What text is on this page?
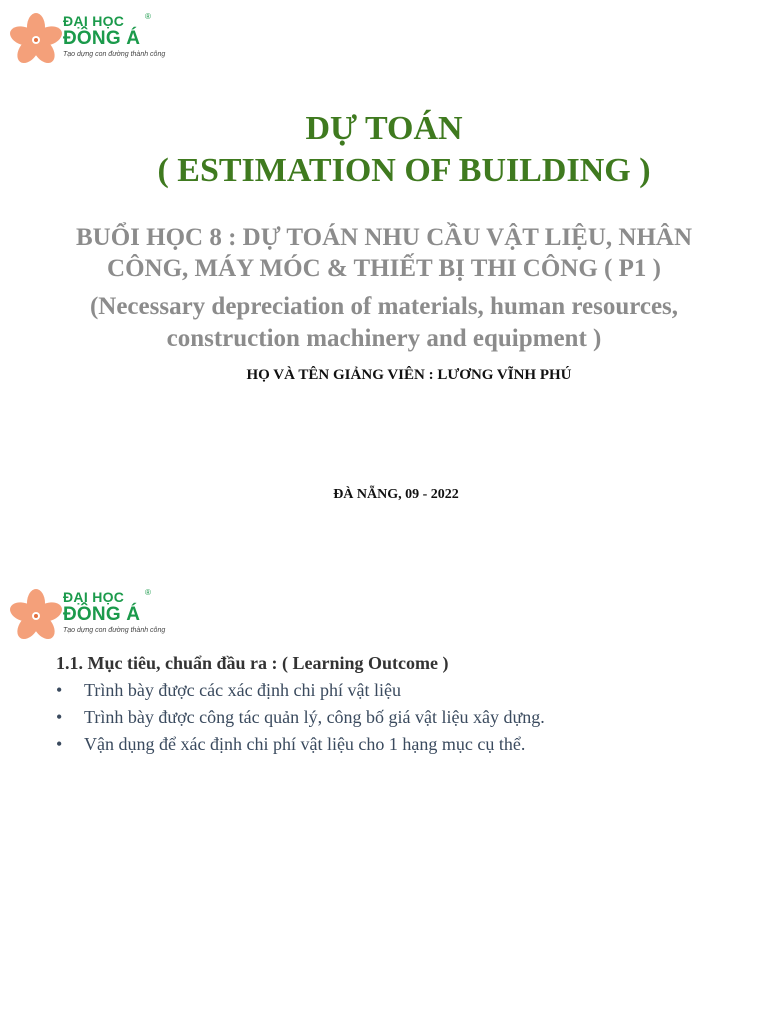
ĐẠI HỌC	®
ĐÔNG Á
Tạo dựng con đường thành công
DỰ TOÁN
( ESTIMATION OF BUILDING )
BUỔI HỌC 8 : DỰ TOÁN NHU CẦU VẬT LIỆU, NHÂN CÔNG, MÁY MÓC & THIẾT BỊ THI CÔNG ( P1 )
(Necessary depreciation of materials, human resources, construction machinery and equipment )
HỌ VÀ TÊN GIẢNG VIÊN : LƯƠNG VĨNH PHÚ
ĐÀ NẴNG, 09 - 2022
ĐẠI HỌC	®
ĐÔNG Á
Tạo dựng con đường thành công
1.1. Mục tiêu, chuẩn đầu ra : ( Learning Outcome )
• Trình bày được các xác định chi phí vật liệu
• Trình bày được công tác quản lý, công bố giá vật liệu xây dựng.
• Vận dụng để xác định chi phí vật liệu cho 1 hạng mục cụ thể.
